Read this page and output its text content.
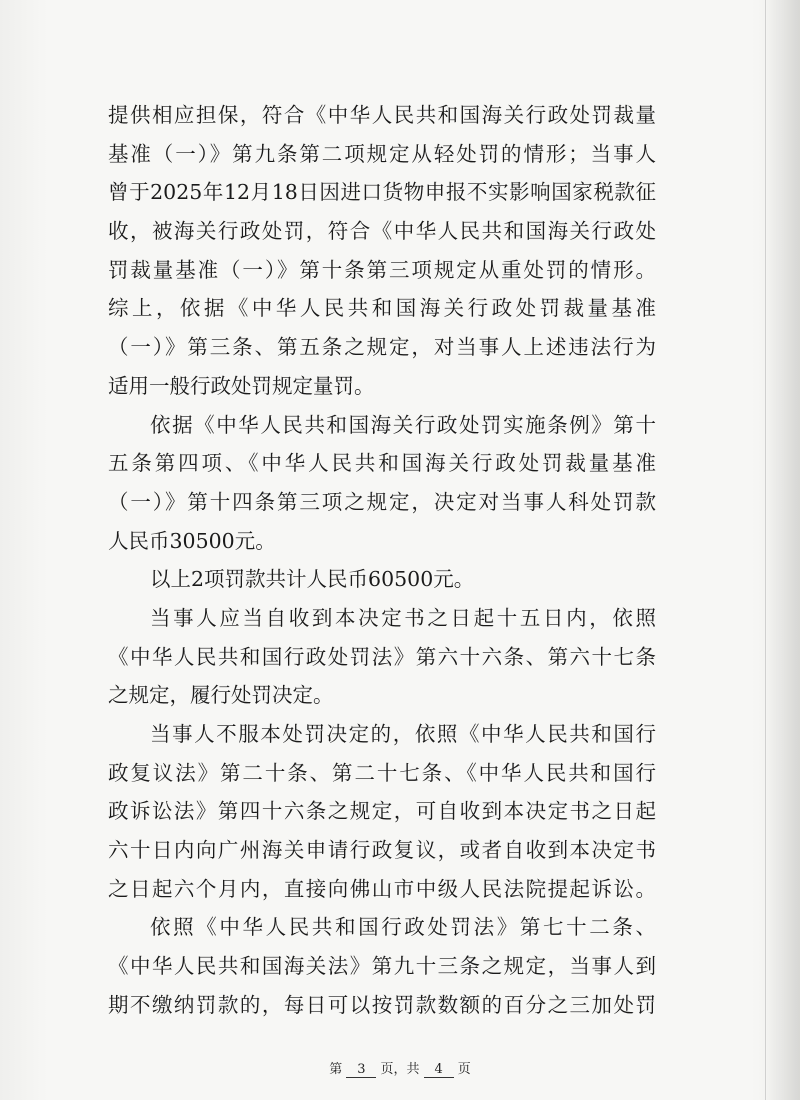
提供相应担保，符合《中华人民共和国海关行政处罚裁量
基准（一）》第九条第二项规定从轻处罚的情形；当事人
曾于2025年12月18日因进口货物申报不实影响国家税款征
收，被海关行政处罚，符合《中华人民共和国海关行政处
罚裁量基准（一）》第十条第三项规定从重处罚的情形。
综上，依据《中华人民共和国海关行政处罚裁量基准
（一）》第三条、第五条之规定，对当事人上述违法行为
适用一般行政处罚规定量罚。
依据《中华人民共和国海关行政处罚实施条例》第十
五条第四项、《中华人民共和国海关行政处罚裁量基准
（一）》第十四条第三项之规定，决定对当事人科处罚款
人民币30500元。
以上2项罚款共计人民币60500元。
当事人应当自收到本决定书之日起十五日内，依照
《中华人民共和国行政处罚法》第六十六条、第六十七条
之规定，履行处罚决定。
当事人不服本处罚决定的，依照《中华人民共和国行
政复议法》第二十条、第二十七条、《中华人民共和国行
政诉讼法》第四十六条之规定，可自收到本决定书之日起
六十日内向广州海关申请行政复议，或者自收到本决定书
之日起六个月内，直接向佛山市中级人民法院提起诉讼。
依照《中华人民共和国行政处罚法》第七十二条、
《中华人民共和国海关法》第九十三条之规定，当事人到
期不缴纳罚款的，每日可以按罚款数额的百分之三加处罚
第 3 页，共 4 页
